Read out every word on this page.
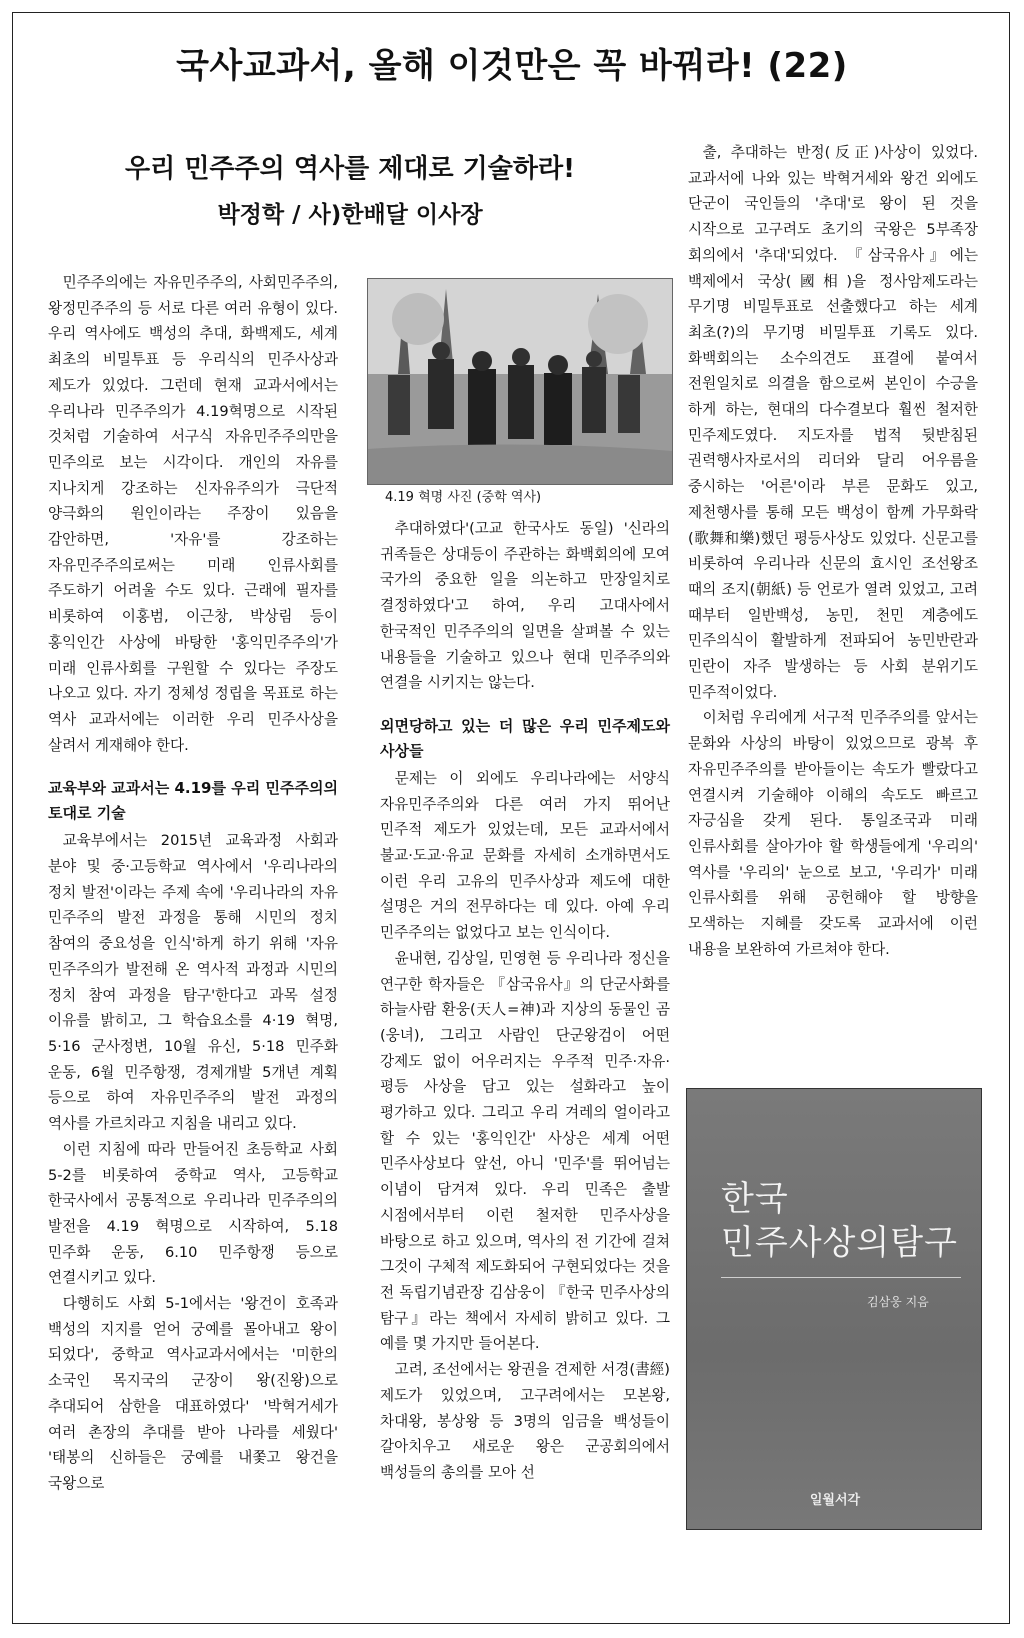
국사교과서, 올해 이것만은 꼭 바꿔라! (22)
우리 민주주의 역사를 제대로 기술하라!
박정학 / 사)한배달 이사장

민주주의에는 자유민주주의, 사회민주주의, 왕정민주주의 등 서로 다른 여러 유형이 있다. 우리 역사에도 백성의 추대, 화백제도, 세계 최초의 비밀투표 등 우리식의 민주사상과 제도가 있었다. 그런데 현재 교과서에서는 우리나라 민주주의가 4.19혁명으로 시작된 것처럼 기술하여 서구식 자유민주주의만을 민주의로 보는 시각이다. 개인의 자유를 지나치게 강조하는 신자유주의가 극단적 양극화의 원인이라는 주장이 있음을 감안하면, '자유'를 강조하는 자유민주주의로써는 미래 인류사회를 주도하기 어려울 수도 있다. 근래에 필자를 비롯하여 이홍범, 이근창, 박상림 등이 홍익인간 사상에 바탕한 '홍익민주주의'가 미래 인류사회를 구원할 수 있다는 주장도 나오고 있다. 자기 정체성 정립을 목표로 하는 역사 교과서에는 이러한 우리 민주사상을 살려서 게재해야 한다.

교육부와 교과서는 4.19를 우리 민주주의의 토대로 기술

교육부에서는 2015년 교육과정 사회과 분야 및 중·고등학교 역사에서 '우리나라의 정치 발전'이라는 주제 속에 '우리나라의 자유 민주주의 발전 과정을 통해 시민의 정치 참여의 중요성을 인식'하게 하기 위해 '자유 민주주의가 발전해 온 역사적 과정과 시민의 정치 참여 과정을 탐구'한다고 과목 설정 이유를 밝히고, 그 학습요소를 4·19 혁명, 5·16 군사정변, 10월 유신, 5·18 민주화 운동, 6월 민주항쟁, 경제개발 5개년 계획 등으로 하여 자유민주주의 발전 과정의 역사를 가르치라고 지침을 내리고 있다.

이런 지침에 따라 만들어진 초등학교 사회 5-2를 비롯하여 중학교 역사, 고등학교 한국사에서 공통적으로 우리나라 민주주의의 발전을 4.19 혁명으로 시작하여, 5.18 민주화 운동, 6.10 민주항쟁 등으로 연결시키고 있다.

다행히도 사회 5-1에서는 '왕건이 호족과 백성의 지지를 얻어 궁예를 몰아내고 왕이 되었다', 중학교 역사교과서에서는 '미한의 소국인 목지국의 군장이 왕(진왕)으로 추대되어 삼한을 대표하였다' '박혁거세가 여러 촌장의 추대를 받아 나라를 세웠다' '태봉의 신하들은 궁예를 내쫓고 왕건을 국왕으로

4.19 혁명 사진 (중학 역사)

추대하였다'(고교 한국사도 동일) '신라의 귀족들은 상대등이 주관하는 화백회의에 모여 국가의 중요한 일을 의논하고 만장일치로 결정하였다'고 하여, 우리 고대사에서 한국적인 민주주의의 일면을 살펴볼 수 있는 내용들을 기술하고 있으나 현대 민주주의와 연결을 시키지는 않는다.

외면당하고 있는 더 많은 우리 민주제도와 사상들

문제는 이 외에도 우리나라에는 서양식 자유민주주의와 다른 여러 가지 뛰어난 민주적 제도가 있었는데, 모든 교과서에서 불교·도교·유교 문화를 자세히 소개하면서도 이런 우리 고유의 민주사상과 제도에 대한 설명은 거의 전무하다는 데 있다. 아예 우리 민주주의는 없었다고 보는 인식이다.

윤내현, 김상일, 민영현 등 우리나라 정신을 연구한 학자들은 『삼국유사』의 단군사화를 하늘사람 환웅(天人=神)과 지상의 동물인 곰(웅녀), 그리고 사람인 단군왕검이 어떤 강제도 없이 어우러지는 우주적 민주·자유·평등 사상을 담고 있는 설화라고 높이 평가하고 있다. 그리고 우리 겨레의 얼이라고 할 수 있는 '홍익인간' 사상은 세계 어떤 민주사상보다 앞선, 아니 '민주'를 뛰어넘는 이념이 담겨져 있다. 우리 민족은 출발 시점에서부터 이런 철저한 민주사상을 바탕으로 하고 있으며, 역사의 전 기간에 걸쳐 그것이 구체적 제도화되어 구현되었다는 것을 전 독립기념관장 김삼웅이 『한국 민주사상의 탐구』라는 책에서 자세히 밝히고 있다. 그 예를 몇 가지만 들어본다.

고려, 조선에서는 왕권을 견제한 서경(書經)제도가 있었으며, 고구려에서는 모본왕, 차대왕, 봉상왕 등 3명의 임금을 백성들이 갈아치우고 새로운 왕은 군공회의에서 백성들의 총의를 모아 선

출, 추대하는 반정(反正)사상이 있었다. 교과서에 나와 있는 박혁거세와 왕건 외에도 단군이 국인들의 '추대'로 왕이 된 것을 시작으로 고구려도 초기의 국왕은 5부족장 회의에서 '추대'되었다. 『삼국유사』에는 백제에서 국상(國相)을 정사암제도라는 무기명 비밀투표로 선출했다고 하는 세계 최초(?)의 무기명 비밀투표 기록도 있다. 화백회의는 소수의견도 표결에 붙여서 전원일치로 의결을 함으로써 본인이 수긍을 하게 하는, 현대의 다수결보다 훨씬 철저한 민주제도였다. 지도자를 법적 뒷받침된 권력행사자로서의 리더와 달리 어우름을 중시하는 '어른'이라 부른 문화도 있고, 제천행사를 통해 모든 백성이 함께 가무화락(歌舞和樂)했던 평등사상도 있었다. 신문고를 비롯하여 우리나라 신문의 효시인 조선왕조 때의 조지(朝紙) 등 언로가 열려 있었고, 고려 때부터 일반백성, 농민, 천민 계층에도 민주의식이 활발하게 전파되어 농민반란과 민란이 자주 발생하는 등 사회 분위기도 민주적이었다.

이처럼 우리에게 서구적 민주주의를 앞서는 문화와 사상의 바탕이 있었으므로 광복 후 자유민주주의를 받아들이는 속도가 빨랐다고 연결시켜 기술해야 이해의 속도도 빠르고 자긍심을 갖게 된다. 통일조국과 미래 인류사회를 살아가야 할 학생들에게 '우리의' 역사를 '우리의' 눈으로 보고, '우리가' 미래 인류사회를 위해 공헌해야 할 방향을 모색하는 지혜를 갖도록 교과서에 이런 내용을 보완하여 가르쳐야 한다.

한국
민주사상의탐구
김삼웅 지음
일월서각
